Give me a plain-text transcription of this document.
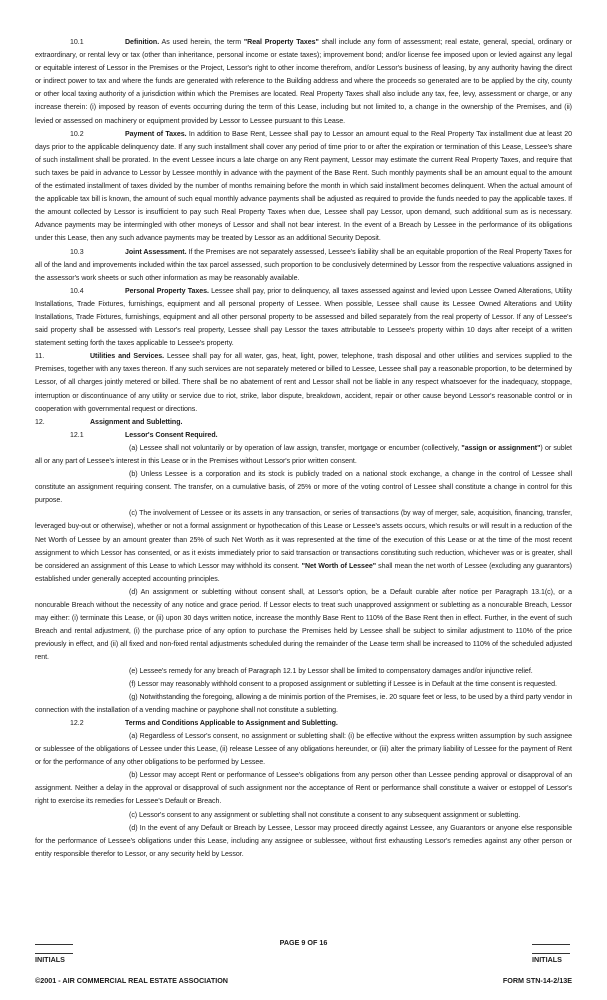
10.1	Definition. As used herein, the term "Real Property Taxes" shall include any form of assessment; real estate, general, special, ordinary or extraordinary, or rental levy or tax (other than inheritance, personal income or estate taxes); improvement bond; and/or license fee imposed upon or levied against any legal or equitable interest of Lessor in the Premises or the Project, Lessor's right to other income therefrom, and/or Lessor's business of leasing, by any authority having the direct or indirect power to tax and where the funds are generated with reference to the Building address and where the proceeds so generated are to be applied by the city, county or other local taxing authority of a jurisdiction within which the Premises are located. Real Property Taxes shall also include any tax, fee, levy, assessment or charge, or any increase therein: (i) imposed by reason of events occurring during the term of this Lease, including but not limited to, a change in the ownership of the Premises, and (ii) levied or assessed on machinery or equipment provided by Lessor to Lessee pursuant to this Lease.

10.2	Payment of Taxes. In addition to Base Rent, Lessee shall pay to Lessor an amount equal to the Real Property Tax installment due at least 20 days prior to the applicable delinquency date. If any such installment shall cover any period of time prior to or after the expiration or termination of this Lease, Lessee's share of such installment shall be prorated. In the event Lessee incurs a late charge on any Rent payment, Lessor may estimate the current Real Property Taxes, and require that such taxes be paid in advance to Lessor by Lessee monthly in advance with the payment of the Base Rent. Such monthly payments shall be an amount equal to the amount of the estimated installment of taxes divided by the number of months remaining before the month in which said installment becomes delinquent. When the actual amount of the applicable tax bill is known, the amount of such equal monthly advance payments shall be adjusted as required to provide the funds needed to pay the applicable taxes. If the amount collected by Lessor is insufficient to pay such Real Property Taxes when due, Lessee shall pay Lessor, upon demand, such additional sum as is necessary. Advance payments may be intermingled with other moneys of Lessor and shall not bear interest. In the event of a Breach by Lessee in the performance of its obligations under this Lease, then any such advance payments may be treated by Lessor as an additional Security Deposit.

10.3	Joint Assessment. If the Premises are not separately assessed, Lessee's liability shall be an equitable proportion of the Real Property Taxes for all of the land and improvements included within the tax parcel assessed, such proportion to be conclusively determined by Lessor from the respective valuations assigned in the assessor's work sheets or such other information as may be reasonably available.

10.4	Personal Property Taxes. Lessee shall pay, prior to delinquency, all taxes assessed against and levied upon Lessee Owned Alterations, Utility Installations, Trade Fixtures, furnishings, equipment and all personal property of Lessee. When possible, Lessee shall cause its Lessee Owned Alterations and Utility Installations, Trade Fixtures, furnishings, equipment and all other personal property to be assessed and billed separately from the real property of Lessor. If any of Lessee's said property shall be assessed with Lessor's real property, Lessee shall pay Lessor the taxes attributable to Lessee's property within 10 days after receipt of a written statement setting forth the taxes applicable to Lessee's property.

11.	Utilities and Services. Lessee shall pay for all water, gas, heat, light, power, telephone, trash disposal and other utilities and services supplied to the Premises, together with any taxes thereon. If any such services are not separately metered or billed to Lessee, Lessee shall pay a reasonable proportion, to be determined by Lessor, of all charges jointly metered or billed. There shall be no abatement of rent and Lessor shall not be liable in any respect whatsoever for the inadequacy, stoppage, interruption or discontinuance of any utility or service due to riot, strike, labor dispute, breakdown, accident, repair or other cause beyond Lessor's reasonable control or in cooperation with governmental request or directions.

12.	Assignment and Subletting.

12.1	Lessor's Consent Required.

(a) Lessee shall not voluntarily or by operation of law assign, transfer, mortgage or encumber (collectively, "assign or assignment") or sublet all or any part of Lessee's interest in this Lease or in the Premises without Lessor's prior written consent.

(b) Unless Lessee is a corporation and its stock is publicly traded on a national stock exchange, a change in the control of Lessee shall constitute an assignment requiring consent. The transfer, on a cumulative basis, of 25% or more of the voting control of Lessee shall constitute a change in control for this purpose.

(c) The involvement of Lessee or its assets in any transaction, or series of transactions (by way of merger, sale, acquisition, financing, transfer, leveraged buy-out or otherwise), whether or not a formal assignment or hypothecation of this Lease or Lessee's assets occurs, which results or will result in a reduction of the Net Worth of Lessee by an amount greater than 25% of such Net Worth as it was represented at the time of the execution of this Lease or at the time of the most recent assignment to which Lessor has consented, or as it exists immediately prior to said transaction or transactions constituting such reduction, whichever was or is greater, shall be considered an assignment of this Lease to which Lessor may withhold its consent. "Net Worth of Lessee" shall mean the net worth of Lessee (excluding any guarantors) established under generally accepted accounting principles.

(d) An assignment or subletting without consent shall, at Lessor's option, be a Default curable after notice per Paragraph 13.1(c), or a noncurable Breach without the necessity of any notice and grace period. If Lessor elects to treat such unapproved assignment or subletting as a noncurable Breach, Lessor may either: (i) terminate this Lease, or (ii) upon 30 days written notice, increase the monthly Base Rent to 110% of the Base Rent then in effect. Further, in the event of such Breach and rental adjustment, (i) the purchase price of any option to purchase the Premises held by Lessee shall be subject to similar adjustment to 110% of the price previously in effect, and (ii) all fixed and non-fixed rental adjustments scheduled during the remainder of the Lease term shall be increased to 110% of the scheduled adjusted rent.

(e) Lessee's remedy for any breach of Paragraph 12.1 by Lessor shall be limited to compensatory damages and/or injunctive relief.

(f) Lessor may reasonably withhold consent to a proposed assignment or subletting if Lessee is in Default at the time consent is requested.

(g) Notwithstanding the foregoing, allowing a de minimis portion of the Premises, ie. 20 square feet or less, to be used by a third party vendor in connection with the installation of a vending machine or payphone shall not constitute a subletting.

12.2	Terms and Conditions Applicable to Assignment and Subletting.

(a) Regardless of Lessor's consent, no assignment or subletting shall: (i) be effective without the express written assumption by such assignee or sublessee of the obligations of Lessee under this Lease, (ii) release Lessee of any obligations hereunder, or (iii) alter the primary liability of Lessee for the payment of Rent or for the performance of any other obligations to be performed by Lessee.

(b) Lessor may accept Rent or performance of Lessee's obligations from any person other than Lessee pending approval or disapproval of an assignment. Neither a delay in the approval or disapproval of such assignment nor the acceptance of Rent or performance shall constitute a waiver or estoppel of Lessor's right to exercise its remedies for Lessee's Default or Breach.

(c) Lessor's consent to any assignment or subletting shall not constitute a consent to any subsequent assignment or subletting.

(d) In the event of any Default or Breach by Lessee, Lessor may proceed directly against Lessee, any Guarantors or anyone else responsible for the performance of Lessee's obligations under this Lease, including any assignee or sublessee, without first exhausting Lessor's remedies against any other person or entity responsible therefor to Lessor, or any security held by Lessor.

PAGE 9 OF 16
INITIALS	INITIALS
©2001 - AIR COMMERCIAL REAL ESTATE ASSOCIATION	FORM STN-14-2/13E
